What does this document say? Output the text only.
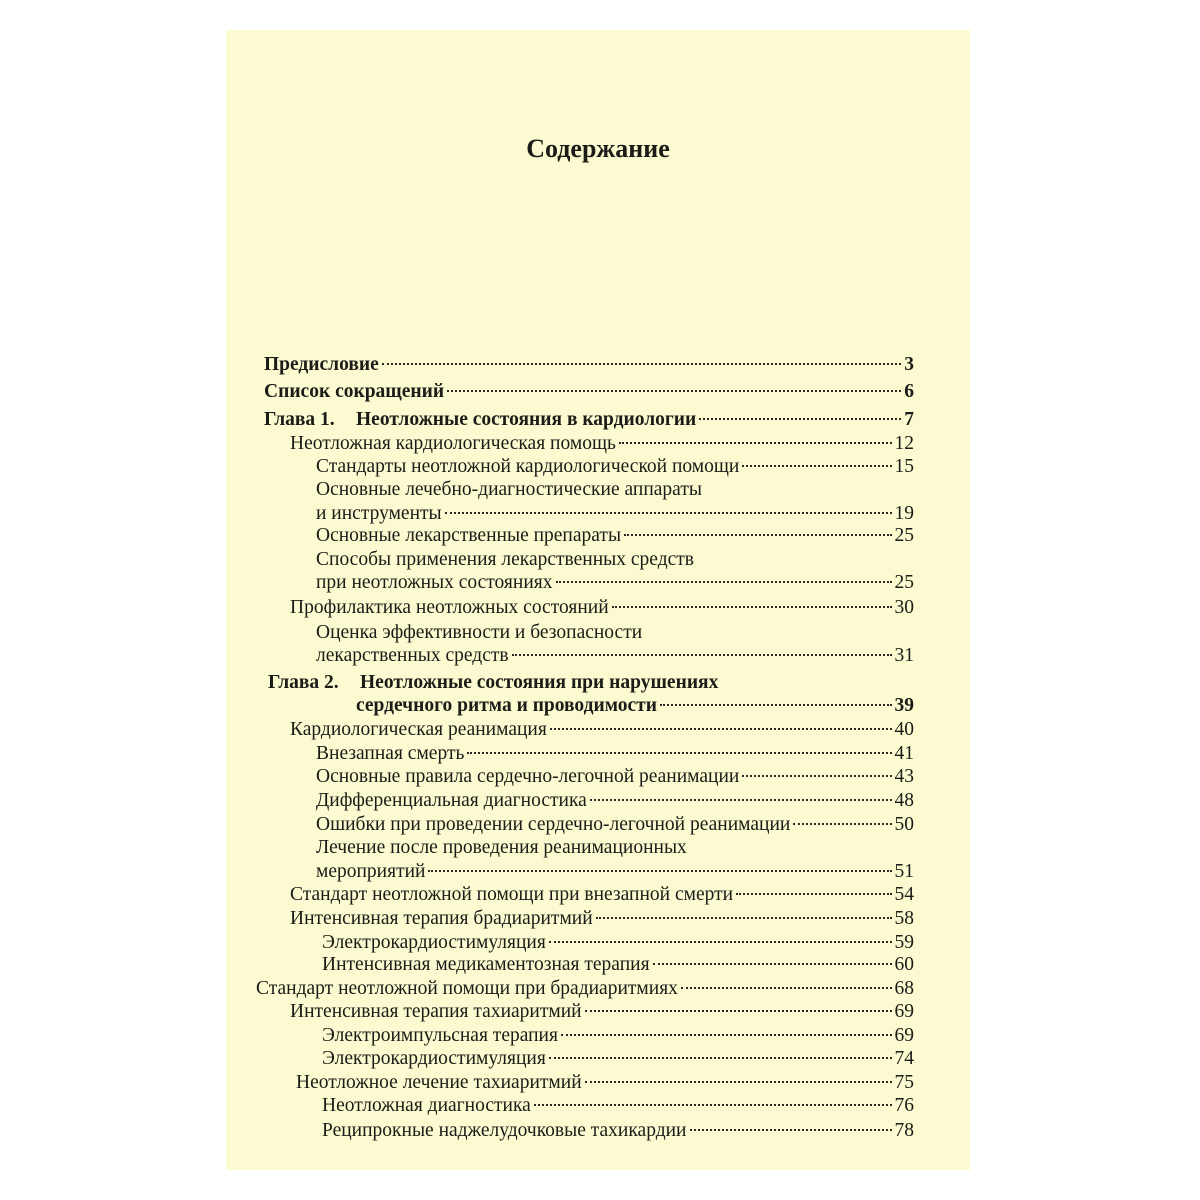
Содержание
Предисловие	3
Список сокращений	6
Глава 1. Неотложные состояния в кардиологии	7
Неотложная кардиологическая помощь	12
Стандарты неотложной кардиологической помощи	15
Основные лечебно-диагностические аппараты
и инструменты	19
Основные лекарственные препараты	25
Способы применения лекарственных средств
при неотложных состояниях	25
Профилактика неотложных состояний	30
Оценка эффективности и безопасности
лекарственных средств	31
Глава 2. Неотложные состояния при нарушениях
сердечного ритма и проводимости	39
Кардиологическая реанимация	40
Внезапная смерть	41
Основные правила сердечно-легочной реанимации	43
Дифференциальная диагностика	48
Ошибки при проведении сердечно-легочной реанимации	50
Лечение после проведения реанимационных
мероприятий	51
Стандарт неотложной помощи при внезапной смерти	54
Интенсивная терапия брадиаритмий	58
Электрокардиостимуляция	59
Интенсивная медикаментозная терапия	60
Стандарт неотложной помощи при брадиаритмиях	68
Интенсивная терапия тахиаритмий	69
Электроимпульсная терапия	69
Электрокардиостимуляция	74
Неотложное лечение тахиаритмий	75
Неотложная диагностика	76
Реципрокные наджелудочковые тахикардии	78
